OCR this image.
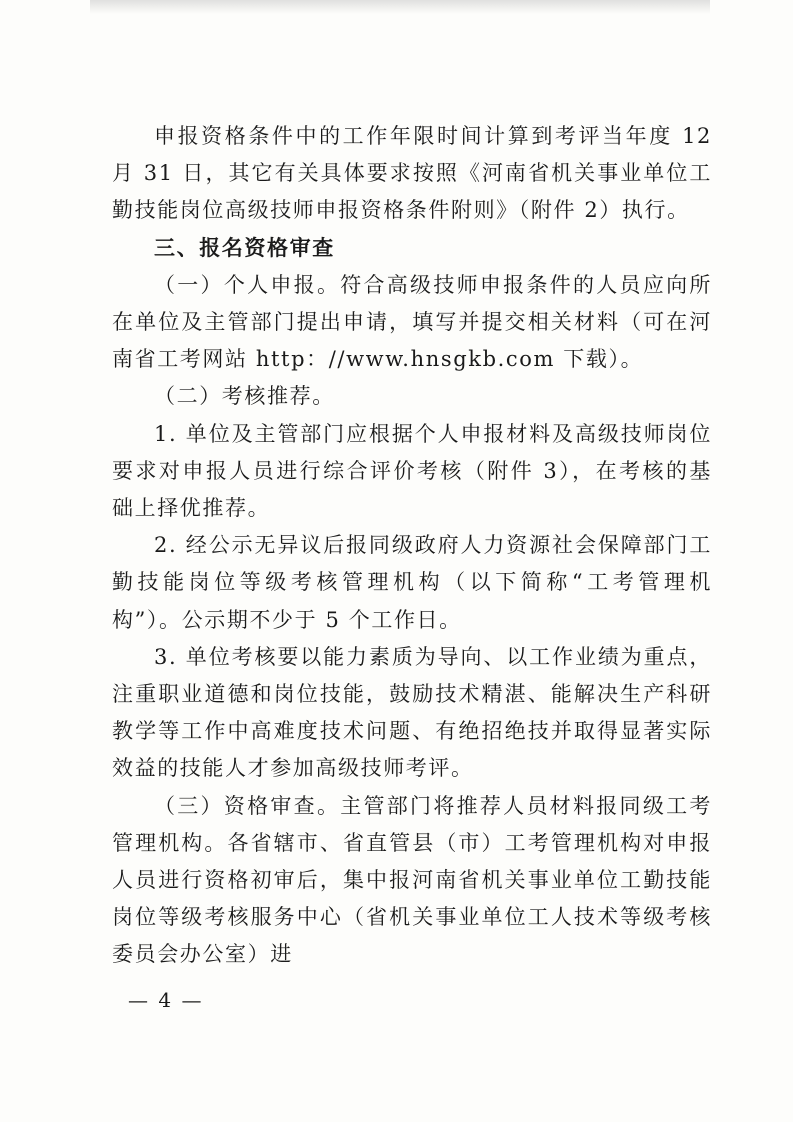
申报资格条件中的工作年限时间计算到考评当年度 12 月 31 日，其它有关具体要求按照《河南省机关事业单位工勤技能岗位高级技师申报资格条件附则》（附件 2）执行。

三、报名资格审查

（一）个人申报。符合高级技师申报条件的人员应向所在单位及主管部门提出申请，填写并提交相关材料（可在河南省工考网站 http：//www.hnsgkb.com 下载）。

（二）考核推荐。

1. 单位及主管部门应根据个人申报材料及高级技师岗位要求对申报人员进行综合评价考核（附件 3），在考核的基础上择优推荐。

2. 经公示无异议后报同级政府人力资源社会保障部门工勤技能岗位等级考核管理机构（以下简称“工考管理机构”）。公示期不少于 5 个工作日。

3. 单位考核要以能力素质为导向、以工作业绩为重点，注重职业道德和岗位技能，鼓励技术精湛、能解决生产科研教学等工作中高难度技术问题、有绝招绝技并取得显著实际效益的技能人才参加高级技师考评。

（三）资格审查。主管部门将推荐人员材料报同级工考管理机构。各省辖市、省直管县（市）工考管理机构对申报人员进行资格初审后，集中报河南省机关事业单位工勤技能岗位等级考核服务中心（省机关事业单位工人技术等级考核委员会办公室）进

— 4 —
